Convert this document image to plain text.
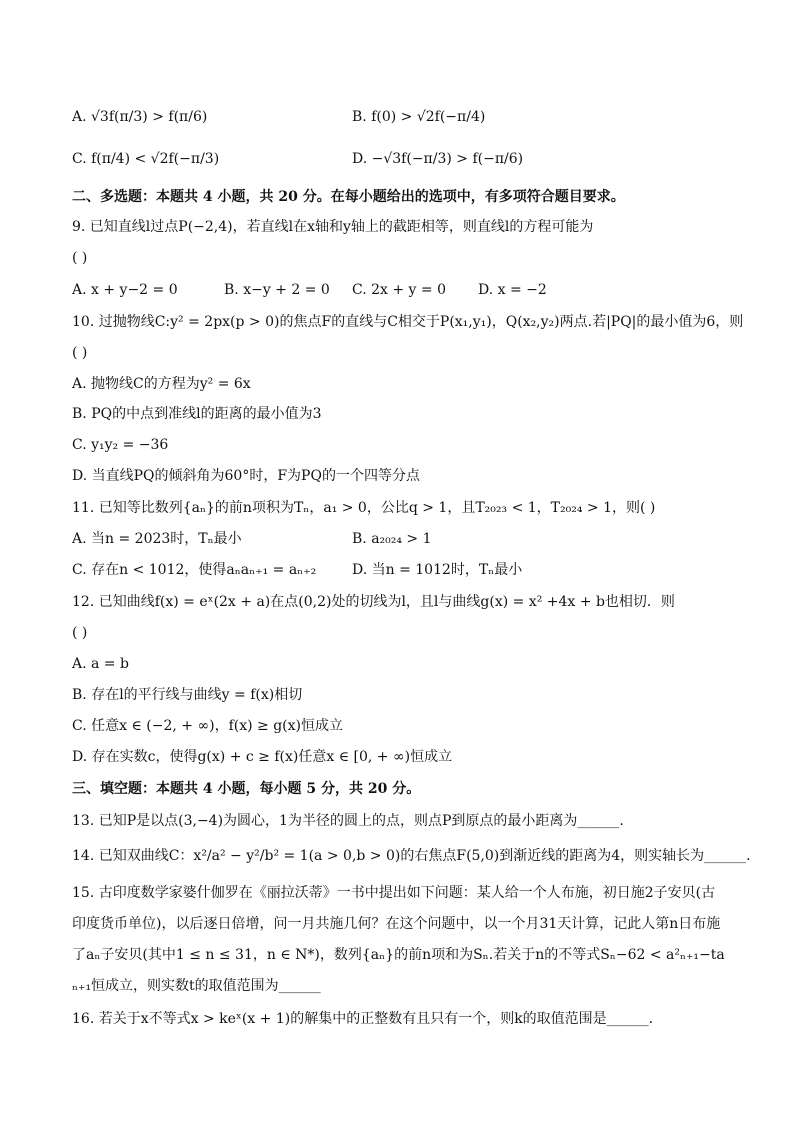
A. √3f(π/3) > f(π/6)	B. f(0) > √2f(−π/4)
C. f(π/4) < √2f(−π/3)	D. −√3f(−π/3) > f(−π/6)
二、多选题：本题共 4 小题，共 20 分。在每小题给出的选项中，有多项符合题目要求。
9. 已知直线l过点P(−2,4)，若直线l在x轴和y轴上的截距相等，则直线l的方程可能为
( )
A. x + y−2 = 0	B. x−y + 2 = 0 C. 2x + y = 0 D. x = −2
10. 过抛物线C:y² = 2px(p > 0)的焦点F的直线与C相交于P(x₁,y₁)，Q(x₂,y₂)两点.若|PQ|的最小值为6，则
( )
A. 抛物线C的方程为y² = 6x
B. PQ的中点到准线l的距离的最小值为3
C. y₁y₂ = −36
D. 当直线PQ的倾斜角为60°时，F为PQ的一个四等分点
11. 已知等比数列{aₙ}的前n项积为Tₙ，a₁ > 0，公比q > 1，且T₂₀₂₃ < 1，T₂₀₂₄ > 1，则( )
A. 当n = 2023时，Tₙ最小	B. a₂₀₂₄ > 1
C. 存在n < 1012，使得aₙaₙ₊₁ = aₙ₊₂	D. 当n = 1012时，Tₙ最小
12. 已知曲线f(x) = eˣ(2x + a)在点(0,2)处的切线为l，且l与曲线g(x) = x² +4x + b也相切．则
( )
A. a = b
B. 存在l的平行线与曲线y = f(x)相切
C. 任意x ∈ (−2, + ∞)，f(x) ≥ g(x)恒成立
D. 存在实数c，使得g(x) + c ≥ f(x)任意x ∈ [0, + ∞)恒成立
三、填空题：本题共 4 小题，每小题 5 分，共 20 分。
13. 已知P是以点(3,−4)为圆心，1为半径的圆上的点，则点P到原点的最小距离为______.
14. 已知双曲线C：x²/a² − y²/b² = 1(a > 0,b > 0)的右焦点F(5,0)到渐近线的距离为4，则实轴长为______.
15. 古印度数学家婆什伽罗在《丽拉沃蒂》一书中提出如下问题：某人给一个人布施，初日施2子安贝(古
印度货币单位)，以后逐日倍增，问一月共施几何？在这个问题中，以一个月31天计算，记此人第n日布施
了aₙ子安贝(其中1 ≤ n ≤ 31，n ∈ N*)，数列{aₙ}的前n项和为Sₙ.若关于n的不等式Sₙ−62 < a²ₙ₊₁−ta
ₙ₊₁恒成立，则实数t的取值范围为______
16. 若关于x不等式x > keˣ(x + 1)的解集中的正整数有且只有一个，则k的取值范围是______.
